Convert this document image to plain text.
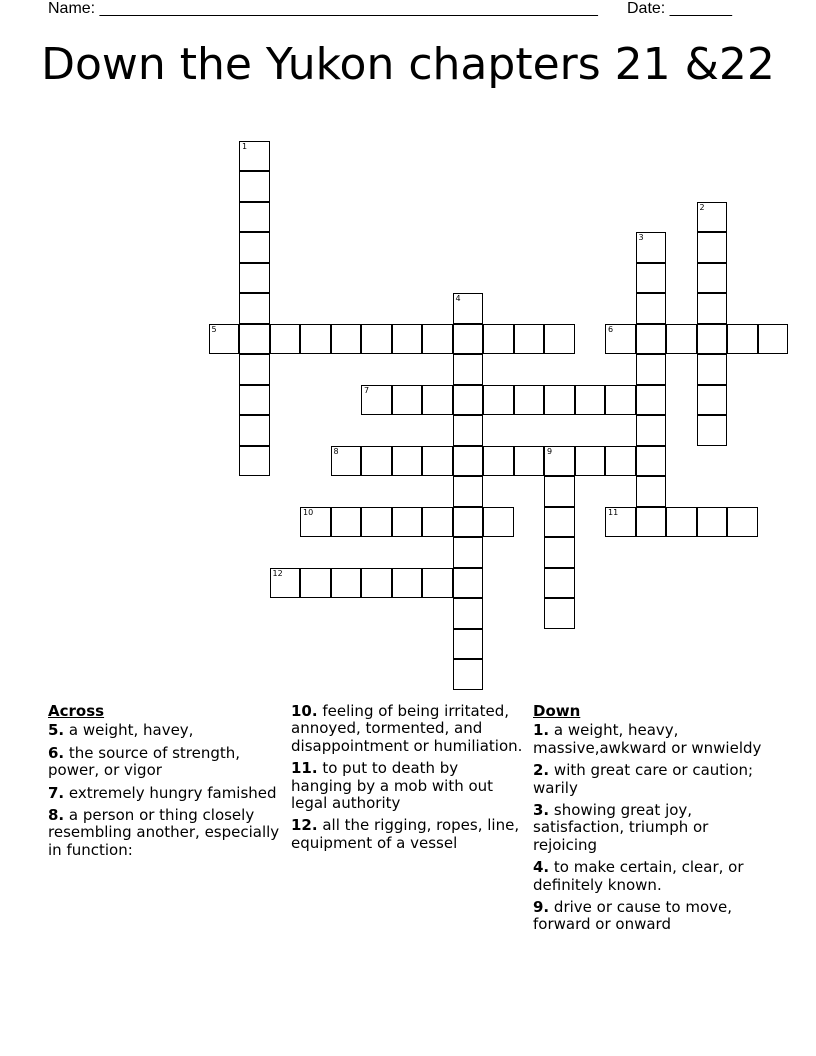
Name: ________________________________________________________ Date: _______
Down the Yukon chapters 21 &22
1
2
3
4
5	6
7
8	9
10	11
12
Across
5. a weight, havey,
6. the source of strength, power, or vigor
7. extremely hungry famished
8. a person or thing closely resembling another, especially in function:
10. feeling of being irritated, annoyed, tormented, and disappointment or humiliation.
11. to put to death by hanging by a mob with out legal authority
12. all the rigging, ropes, line, equipment of a vessel
Down
1. a weight, heavy, massive,awkward or wnwieldy
2. with great care or caution; warily
3. showing great joy, satisfaction, triumph or rejoicing
4. to make certain, clear, or definitely known.
9. drive or cause to move, forward or onward
